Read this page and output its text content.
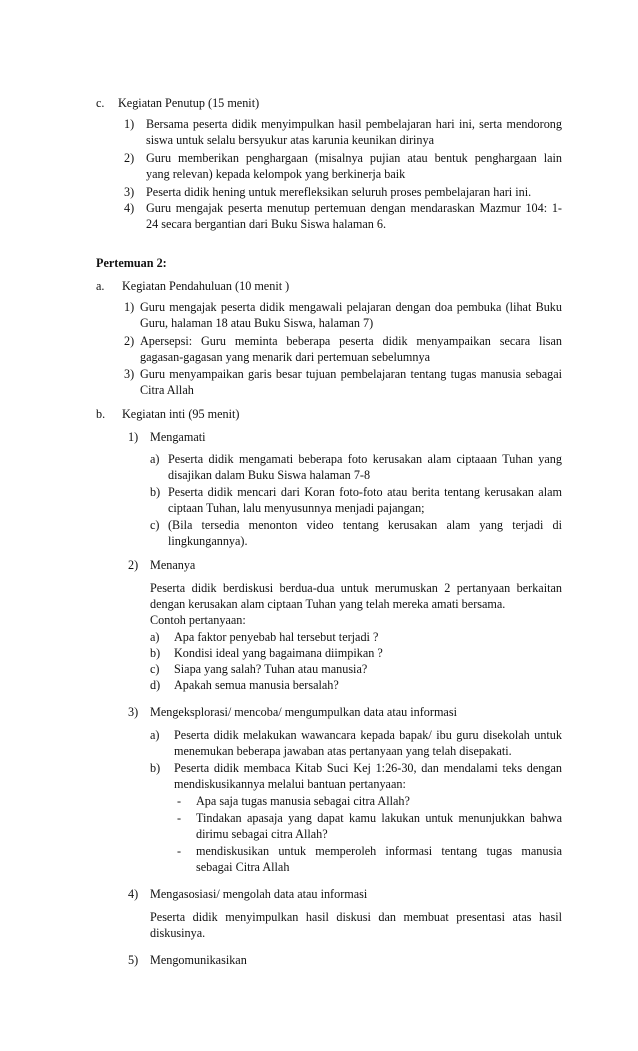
c. Kegiatan Penutup (15 menit)
1) Bersama peserta didik menyimpulkan hasil pembelajaran hari ini, serta mendorong
siswa untuk selalu bersyukur atas karunia keunikan dirinya
2) Guru memberikan penghargaan (misalnya pujian atau bentuk penghargaan lain
yang relevan) kepada kelompok yang berkinerja baik
3) Peserta didik hening untuk merefleksikan seluruh proses pembelajaran hari ini.
4) Guru mengajak peserta menutup pertemuan dengan mendaraskan Mazmur 104: 1-
24 secara bergantian dari Buku Siswa halaman 6.
Pertemuan 2:
a. Kegiatan Pendahuluan (10 menit )
1) Guru mengajak peserta didik mengawali pelajaran dengan doa pembuka (lihat Buku
Guru, halaman 18 atau Buku Siswa, halaman 7)
2) Apersepsi: Guru meminta beberapa peserta didik menyampaikan secara lisan
gagasan-gagasan yang menarik dari pertemuan sebelumnya
3) Guru menyampaikan garis besar tujuan pembelajaran tentang tugas manusia sebagai
Citra Allah
b. Kegiatan inti (95 menit)
1) Mengamati
a) Peserta didik mengamati beberapa foto kerusakan alam ciptaaan Tuhan yang
disajikan dalam Buku Siswa halaman 7-8
b) Peserta didik mencari dari Koran foto-foto atau berita tentang kerusakan alam
ciptaan Tuhan, lalu menyusunnya menjadi pajangan;
c) (Bila tersedia menonton video tentang kerusakan alam yang terjadi di
lingkungannya).
2) Menanya
Peserta didik berdiskusi berdua-dua untuk merumuskan 2 pertanyaan berkaitan
dengan kerusakan alam ciptaan Tuhan yang telah mereka amati bersama.
Contoh pertanyaan:
a) Apa faktor penyebab hal tersebut terjadi ?
b) Kondisi ideal yang bagaimana diimpikan ?
c) Siapa yang salah? Tuhan atau manusia?
d) Apakah semua manusia bersalah?
3) Mengeksplorasi/ mencoba/ mengumpulkan data atau informasi
a) Peserta didik melakukan wawancara kepada bapak/ ibu guru disekolah untuk
menemukan beberapa jawaban atas pertanyaan yang telah disepakati.
b) Peserta didik membaca Kitab Suci Kej 1:26-30, dan mendalami teks dengan
mendiskusikannya melalui bantuan pertanyaan:
- Apa saja tugas manusia sebagai citra Allah?
- Tindakan apasaja yang dapat kamu lakukan untuk menunjukkan bahwa
dirimu sebagai citra Allah?
- mendiskusikan untuk memperoleh informasi tentang tugas manusia
sebagai Citra Allah
4) Mengasosiasi/ mengolah data atau informasi
Peserta didik menyimpulkan hasil diskusi dan membuat presentasi atas hasil
diskusinya.
5) Mengomunikasikan
